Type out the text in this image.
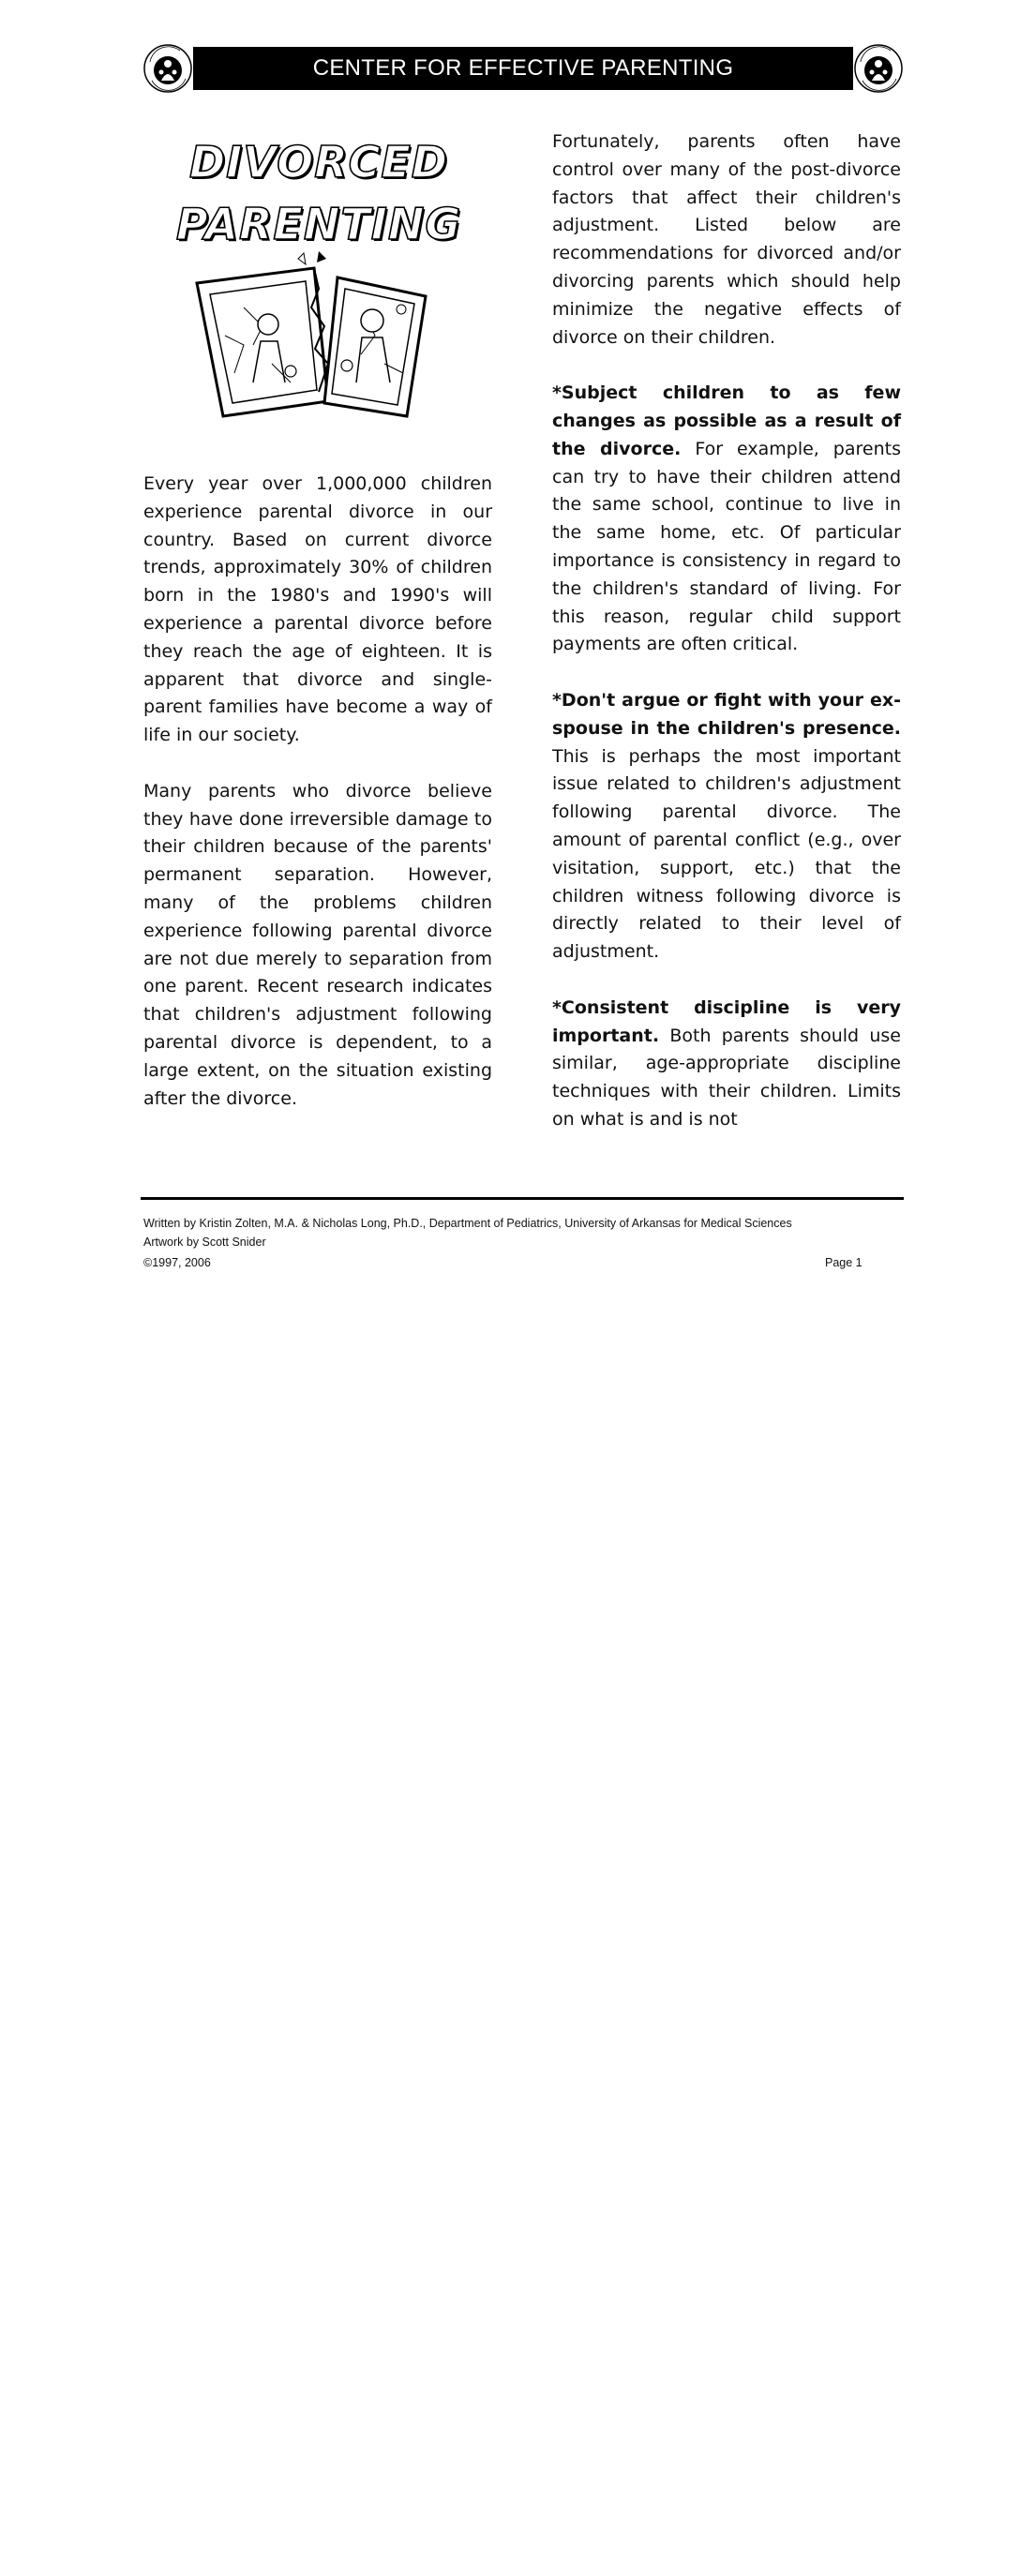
CENTER FOR EFFECTIVE PARENTING
DIVORCED
PARENTING

Every year over 1,000,000 children experience parental divorce in our country. Based on current divorce trends, approximately 30% of children born in the 1980's and 1990's will experience a parental divorce before they reach the age of eighteen. It is apparent that divorce and single-parent families have become a way of life in our society.

Many parents who divorce believe they have done irreversible damage to their children because of the parents' permanent separation. However, many of the problems children experience following parental divorce are not due merely to separation from one parent. Recent research indicates that children's adjustment following parental divorce is dependent, to a large extent, on the situation existing after the divorce.

Fortunately, parents often have control over many of the post-divorce factors that affect their children's adjustment. Listed below are recommendations for divorced and/or divorcing parents which should help minimize the negative effects of divorce on their children.

*Subject children to as few changes as possible as a result of the divorce. For example, parents can try to have their children attend the same school, continue to live in the same home, etc. Of particular importance is consistency in regard to the children's standard of living. For this reason, regular child support payments are often critical.

*Don't argue or fight with your ex-spouse in the children's presence. This is perhaps the most important issue related to children's adjustment following parental divorce. The amount of parental conflict (e.g., over visitation, support, etc.) that the children witness following divorce is directly related to their level of adjustment.

*Consistent discipline is very important. Both parents should use similar, age-appropriate discipline techniques with their children. Limits on what is and is not

Written by Kristin Zolten, M.A. & Nicholas Long, Ph.D., Department of Pediatrics, University of Arkansas for Medical Sciences
Artwork by Scott Snider
©1997, 2006	Page 1
